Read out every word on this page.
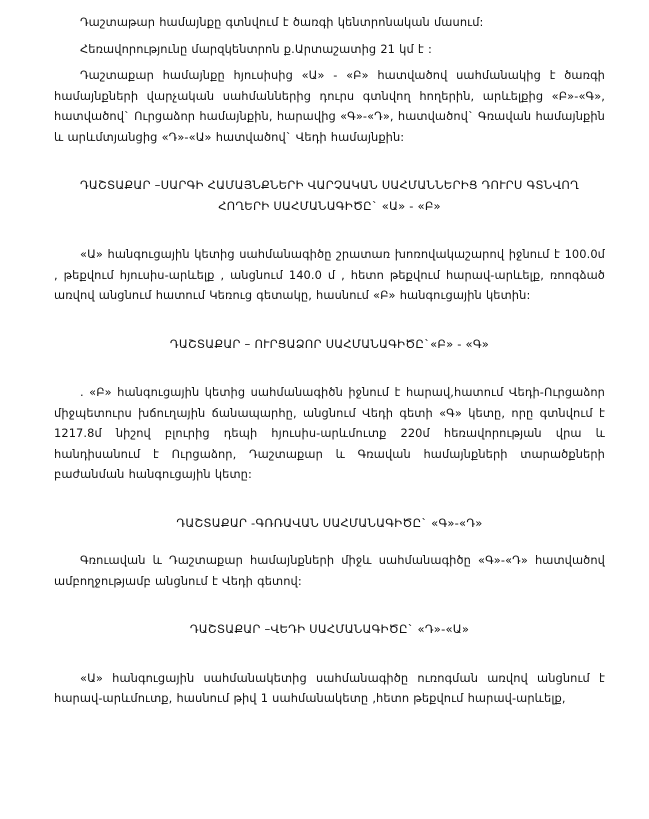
Դաշտաթար համայնքը գտնվում է ծառգի կենտրոնական մասում:

Հեռավորությունը մարզկենտրոն ք.Արտաշատից 21 կմ է :

Դաշտաքար համայնքը հյուսիսից «Ա» - «Բ» հատվածով սահմանակից է ծառգի համայնքների վարչական սահմաններից դուրս գտնվող հողերին, արևելքից «Բ»-«Գ», հատվածով` Ուրցաձոր համայնքին, հարավից «Գ»-«Դ», հատվածով` Գռավան համայնքին և արևմտյանցից «Դ»-«Ա» հատվածով` Վեդի համայնքին:

ԴԱՇՏԱՔԱՐ –ՍԱՐԳԻ ՀԱՄԱՅՆՔՆԵՐԻ ՎԱՐՉԱԿԱՆ ՍԱՀՄԱՆՆԵՐԻՑ ԴՈՒՐՍ ԳՏՆՎՈՂ

ՀՈՂԵՐԻ ՍԱՀՄԱՆԱԳԻԾԸ` «Ա» - «Բ»

«Ա» հանգուցային կետից սահմանագիծը շրատառ խոռովակաշարով իջնում է 100.0մ , թեքվում հյուսիս-արևելք , անցնում 140.0 մ , հետո թեքվում հարավ-արևելք, ռոոգձած առվով անցնում հատում Կեռուց գետակը, հասնում «Բ» հանգուցային կետին:

ԴԱՇՏԱՔԱՐ – ՈՒՐՑԱՁՈՐ ՍԱՀՄԱՆԱԳԻԾԸ`«Բ» - «Գ»

. «Բ» հանգուցային կետից սահմանագիծն իջնում է հարավ,հատում Վեդի-Ուրցաձոր միջպետուրս խճուղային ճանապարհը, անցնում Վեդի գետի «Գ» կետը, որը գտնվում է 1217.8մ նիշով բլուրից դեպի հյուսիս-արևմուտք 220մ հեռավորության վրա և հանդիսանում է Ուրցաձոր, Դաշտաքար և Գռավան համայնքների տարածքների բաժանման հանգուցային կետը:

ԴԱՇՏԱՔԱՐ -ԳՌՌԱՎԱՆ ՍԱՀՄԱՆԱԳԻԾԸ` «Գ»-«Դ»

Գռուավան և Դաշտաքար համայնքների միջև սահմանագիծը «Գ»-«Դ» հատվածով ամբողջությամբ անցնում է Վեդի գետով:

ԴԱՇՏԱՔԱՐ –ՎԵԴԻ ՍԱՀՄԱՆԱԳԻԾԸ` «Դ»-«Ա»

«Ա» հանգուցային սահմանակետից սահմանագիծը ուռոգման առվով անցնում է հարավ-արևմուտք, հասնում թիվ 1 սահմանակետը ,հետո թեքվում հարավ-արևելք,
